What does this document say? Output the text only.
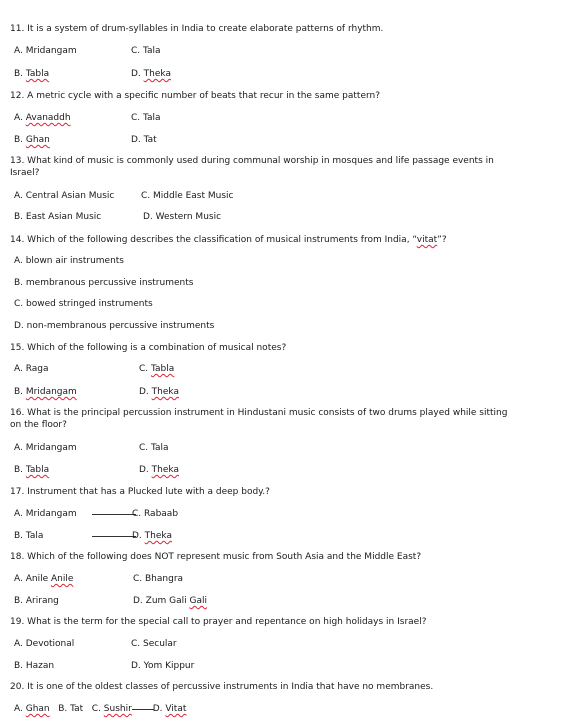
11. It is a system of drum-syllables in India to create elaborate patterns of rhythm.
A. Mridangam	C. Tala
B. Tabla	D. Theka
12. A metric cycle with a specific number of beats that recur in the same pattern?
A. Avanaddh	C. Tala
B. Ghan	D. Tat
13. What kind of music is commonly used during communal worship in mosques and life passage events in
Israel?
A. Central Asian Music	C. Middle East Music
B. East Asian Music	D. Western Music
14. Which of the following describes the classification of musical instruments from India, “vitat”?
A. blown air instruments
B. membranous percussive instruments
C. bowed stringed instruments
D. non-membranous percussive instruments
15. Which of the following is a combination of musical notes?
A. Raga	C. Tabla
B. Mridangam	D. Theka
16. What is the principal percussion instrument in Hindustani music consists of two drums played while sitting
on the floor?
A. Mridangam	C. Tala
B. Tabla	D. Theka
17. Instrument that has a Plucked lute with a deep body.?
A. Mridangam	C. Rabaab
B. Tala	D. Theka
18. Which of the following does NOT represent music from South Asia and the Middle East?
A. Anile Anile	C. Bhangra
B. Arirang	D. Zum Gali Gali
19. What is the term for the special call to prayer and repentance on high holidays in Israel?
A. Devotional	C. Secular
B. Hazan	D. Yom Kippur
20. It is one of the oldest classes of percussive instruments in India that have no membranes.
A. Ghan B. Tat C. Sushir D. Vitat
